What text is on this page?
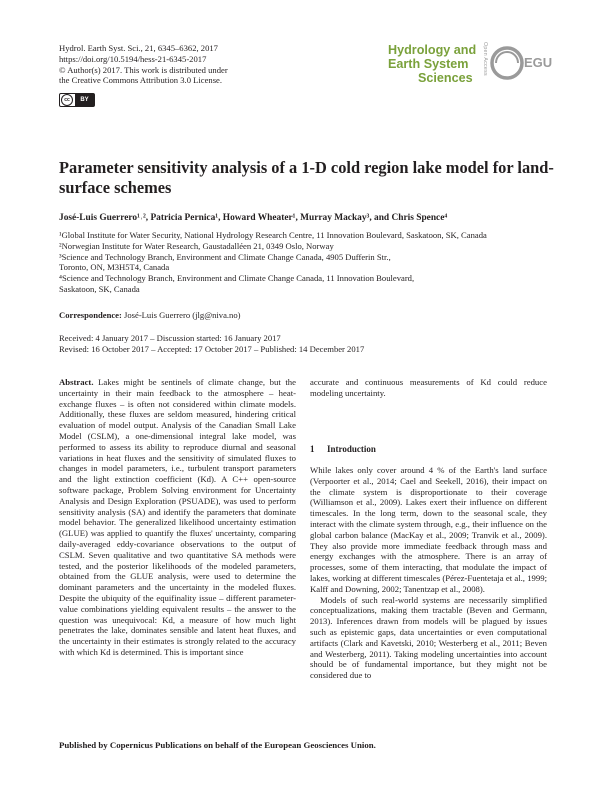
Hydrol. Earth Syst. Sci., 21, 6345–6362, 2017
https://doi.org/10.5194/hess-21-6345-2017
© Author(s) 2017. This work is distributed under
the Creative Commons Attribution 3.0 License.
cc	BY
Hydrology and
Earth System
Sciences
Open Access	EGU
Parameter sensitivity analysis of a 1-D cold region lake model for land-surface schemes
José-Luis Guerrero¹˒², Patricia Pernica¹, Howard Wheater¹, Murray Mackay³, and Chris Spence⁴
¹Global Institute for Water Security, National Hydrology Research Centre, 11 Innovation Boulevard, Saskatoon, SK, Canada
²Norwegian Institute for Water Research, Gaustadalléen 21, 0349 Oslo, Norway
³Science and Technology Branch, Environment and Climate Change Canada, 4905 Dufferin Str.,
Toronto, ON, M3H5T4, Canada
⁴Science and Technology Branch, Environment and Climate Change Canada, 11 Innovation Boulevard,
Saskatoon, SK, Canada
Correspondence: José-Luis Guerrero (jlg@niva.no)
Received: 4 January 2017 – Discussion started: 16 January 2017
Revised: 16 October 2017 – Accepted: 17 October 2017 – Published: 14 December 2017

Abstract. Lakes might be sentinels of climate change, but the uncertainty in their main feedback to the atmosphere – heat-exchange fluxes – is often not considered within climate models. Additionally, these fluxes are seldom measured, hindering critical evaluation of model output. Analysis of the Canadian Small Lake Model (CSLM), a one-dimensional integral lake model, was performed to assess its ability to reproduce diurnal and seasonal variations in heat fluxes and the sensitivity of simulated fluxes to changes in model parameters, i.e., turbulent transport parameters and the light extinction coefficient (Kd). A C++ open-source software package, Problem Solving environment for Uncertainty Analysis and Design Exploration (PSUADE), was used to perform sensitivity analysis (SA) and identify the parameters that dominate model behavior. The generalized likelihood uncertainty estimation (GLUE) was applied to quantify the fluxes' uncertainty, comparing daily-averaged eddy-covariance observations to the output of CSLM. Seven qualitative and two quantitative SA methods were tested, and the posterior likelihoods of the modeled parameters, obtained from the GLUE analysis, were used to determine the dominant parameters and the uncertainty in the modeled fluxes. Despite the ubiquity of the equifinality issue – different parameter-value combinations yielding equivalent results – the answer to the question was unequivocal: Kd, a measure of how much light penetrates the lake, dominates sensible and latent heat fluxes, and the uncertainty in their estimates is strongly related to the accuracy with which Kd is determined. This is important since

accurate and continuous measurements of Kd could reduce modeling uncertainty.

1 Introduction

While lakes only cover around 4 % of the Earth's land surface (Verpoorter et al., 2014; Cael and Seekell, 2016), their impact on the climate system is disproportionate to their coverage (Williamson et al., 2009). Lakes exert their influence on different timescales. In the long term, down to the seasonal scale, they interact with the climate system through, e.g., their influence on the global carbon balance (MacKay et al., 2009; Tranvik et al., 2009). They also provide more immediate feedback through mass and energy exchanges with the atmosphere. There is an array of processes, some of them interacting, that modulate the impact of lakes, working at different timescales (Pérez-Fuentetaja et al., 1999; Kalff and Downing, 2002; Tanentzap et al., 2008).

Models of such real-world systems are necessarily simplified conceptualizations, making them tractable (Beven and Germann, 2013). Inferences drawn from models will be plagued by issues such as epistemic gaps, data uncertainties or even computational artifacts (Clark and Kavetski, 2010; Westerberg et al., 2011; Beven and Westerberg, 2011). Taking modeling uncertainties into account should be of fundamental importance, but they might not be considered due to

Published by Copernicus Publications on behalf of the European Geosciences Union.
